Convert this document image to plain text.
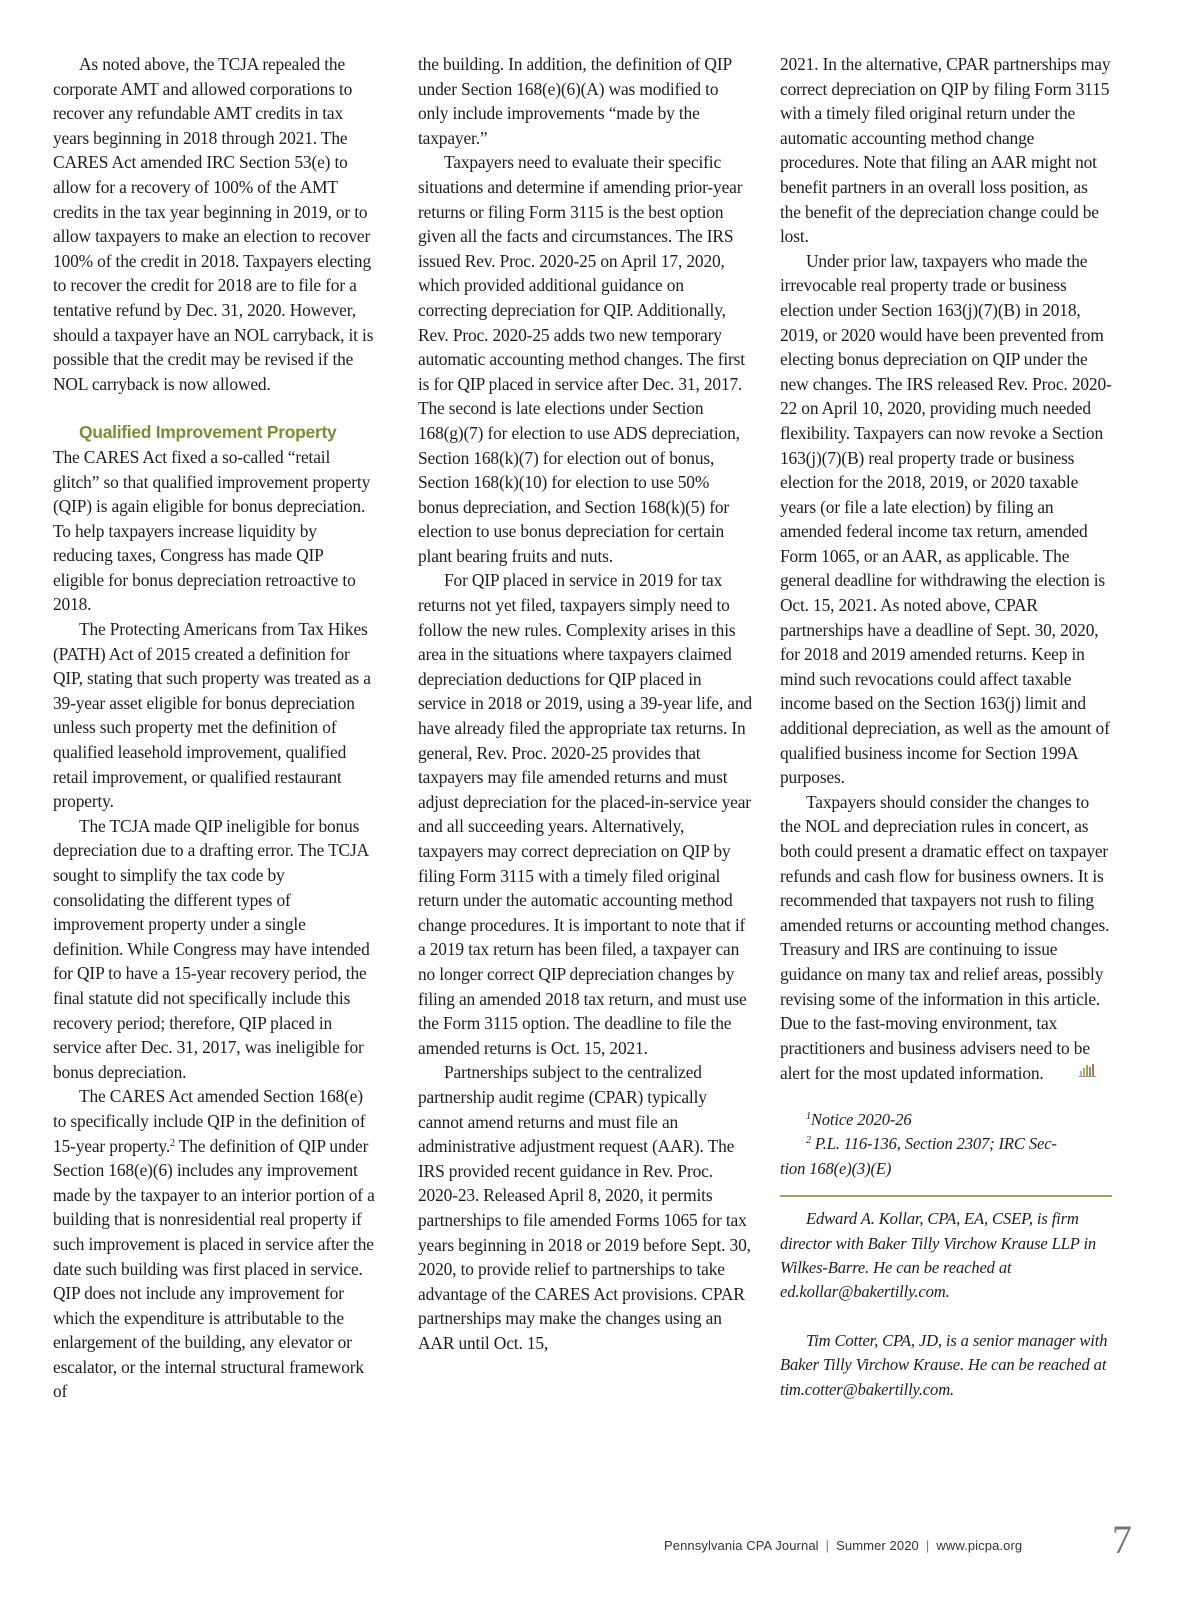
As noted above, the TCJA repealed the corporate AMT and allowed corporations to recover any refundable AMT credits in tax years beginning in 2018 through 2021. The CARES Act amended IRC Section 53(e) to allow for a recovery of 100% of the AMT credits in the tax year beginning in 2019, or to allow taxpayers to make an election to recover 100% of the credit in 2018. Taxpayers electing to recover the credit for 2018 are to file for a tentative refund by Dec. 31, 2020. However, should a taxpayer have an NOL carryback, it is possible that the credit may be revised if the NOL carryback is now allowed.

Qualified Improvement Property

The CARES Act fixed a so-called “retail glitch” so that qualified improvement property (QIP) is again eligible for bonus depreciation. To help taxpayers increase liquidity by reducing taxes, Congress has made QIP eligible for bonus depreciation retroactive to 2018.

The Protecting Americans from Tax Hikes (PATH) Act of 2015 created a definition for QIP, stating that such property was treated as a 39-year asset eligible for bonus depreciation unless such property met the definition of qualified leasehold improvement, qualified retail improvement, or qualified restaurant property.

The TCJA made QIP ineligible for bonus depreciation due to a drafting error. The TCJA sought to simplify the tax code by consolidating the different types of improvement property under a single definition. While Congress may have intended for QIP to have a 15-year recovery period, the final statute did not specifically include this recovery period; therefore, QIP placed in service after Dec. 31, 2017, was ineligible for bonus depreciation.

The CARES Act amended Section 168(e) to specifically include QIP in the definition of 15-year property.$^2$ The definition of QIP under Section 168(e)(6) includes any improvement made by the taxpayer to an interior portion of a building that is nonresidential real property if such improvement is placed in service after the date such building was first placed in service. QIP does not include any improvement for which the expenditure is attributable to the enlargement of the building, any elevator or escalator, or the internal structural framework of

the building. In addition, the definition of QIP under Section 168(e)(6)(A) was modified to only include improvements “made by the taxpayer.”

Taxpayers need to evaluate their specific situations and determine if amending prior-year returns or filing Form 3115 is the best option given all the facts and circumstances. The IRS issued Rev. Proc. 2020-25 on April 17, 2020, which provided additional guidance on correcting depreciation for QIP. Additionally, Rev. Proc. 2020-25 adds two new temporary automatic accounting method changes. The first is for QIP placed in service after Dec. 31, 2017. The second is late elections under Section 168(g)(7) for election to use ADS depreciation, Section 168(k)(7) for election out of bonus, Section 168(k)(10) for election to use 50% bonus depreciation, and Section 168(k)(5) for election to use bonus depreciation for certain plant bearing fruits and nuts.

For QIP placed in service in 2019 for tax returns not yet filed, taxpayers simply need to follow the new rules. Complexity arises in this area in the situations where taxpayers claimed depreciation deductions for QIP placed in service in 2018 or 2019, using a 39-year life, and have already filed the appropriate tax returns. In general, Rev. Proc. 2020-25 provides that taxpayers may file amended returns and must adjust depreciation for the placed-in-service year and all succeeding years. Alternatively, taxpayers may correct depreciation on QIP by filing Form 3115 with a timely filed original return under the automatic accounting method change procedures. It is important to note that if a 2019 tax return has been filed, a taxpayer can no longer correct QIP depreciation changes by filing an amended 2018 tax return, and must use the Form 3115 option. The deadline to file the amended returns is Oct. 15, 2021.

Partnerships subject to the centralized partnership audit regime (CPAR) typically cannot amend returns and must file an administrative adjustment request (AAR). The IRS provided recent guidance in Rev. Proc. 2020-23. Released April 8, 2020, it permits partnerships to file amended Forms 1065 for tax years beginning in 2018 or 2019 before Sept. 30, 2020, to provide relief to partnerships to take advantage of the CARES Act provisions. CPAR partnerships may make the changes using an AAR until Oct. 15,

2021. In the alternative, CPAR partnerships may correct depreciation on QIP by filing Form 3115 with a timely filed original return under the automatic accounting method change procedures. Note that filing an AAR might not benefit partners in an overall loss position, as the benefit of the depreciation change could be lost.

Under prior law, taxpayers who made the irrevocable real property trade or business election under Section 163(j)(7)(B) in 2018, 2019, or 2020 would have been prevented from electing bonus depreciation on QIP under the new changes. The IRS released Rev. Proc. 2020-22 on April 10, 2020, providing much needed flexibility. Taxpayers can now revoke a Section 163(j)(7)(B) real property trade or business election for the 2018, 2019, or 2020 taxable years (or file a late election) by filing an amended federal income tax return, amended Form 1065, or an AAR, as applicable. The general deadline for withdrawing the election is Oct. 15, 2021. As noted above, CPAR partnerships have a deadline of Sept. 30, 2020, for 2018 and 2019 amended returns. Keep in mind such revocations could affect taxable income based on the Section 163(j) limit and additional depreciation, as well as the amount of qualified business income for Section 199A purposes.

Taxpayers should consider the changes to the NOL and depreciation rules in concert, as both could present a dramatic effect on taxpayer refunds and cash flow for business owners. It is recommended that taxpayers not rush to filing amended returns or accounting method changes. Treasury and IRS are continuing to issue guidance on many tax and relief areas, possibly revising some of the information in this article. Due to the fast-moving environment, tax practitioners and business advisers need to be alert for the most updated information.

$^1$Notice 2020-26
$^2$ P.L. 116-136, Section 2307; IRC Sec-
tion 168(e)(3)(E)

Edward A. Kollar, CPA, EA, CSEP, is firm director with Baker Tilly Virchow Krause LLP in Wilkes-Barre. He can be reached at ed.kollar@bakertilly.com.

Tim Cotter, CPA, JD, is a senior manager with Baker Tilly Virchow Krause. He can be reached at tim.cotter@bakertilly.com.

Pennsylvania CPA Journal | Summer 2020 | www.picpa.org 7
